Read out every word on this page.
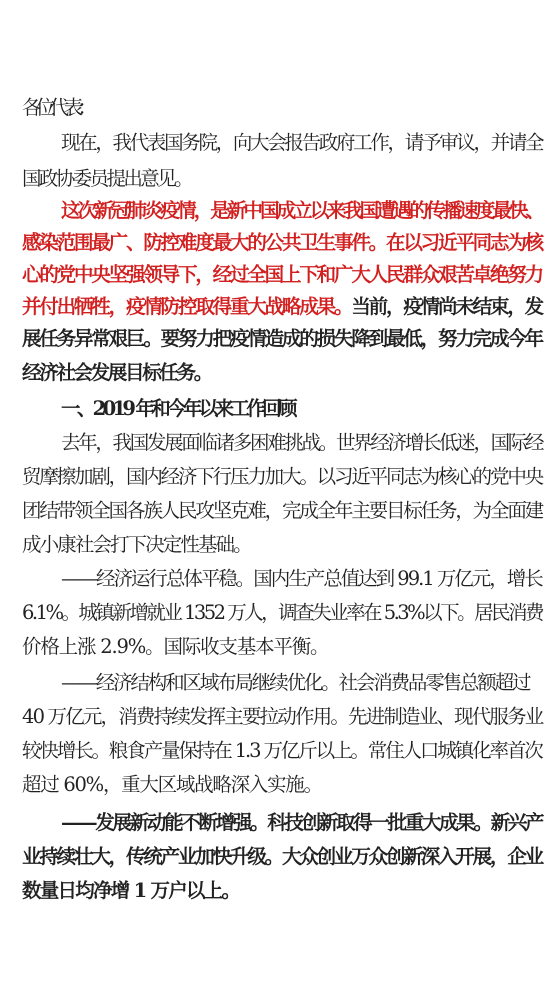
各位代表：
现在，我代表国务院，向大会报告政府工作，请予审议，并请全
国政协委员提出意见。
这次新冠肺炎疫情，是新中国成立以来我国遭遇的传播速度最快、
感染范围最广、防控难度最大的公共卫生事件。在以习近平同志为核
心的党中央坚强领导下，经过全国上下和广大人民群众艰苦卓绝努力
并付出牺牲，疫情防控取得重大战略成果。当前，疫情尚未结束，发
展任务异常艰巨。要努力把疫情造成的损失降到最低，努力完成今年
经济社会发展目标任务。
一、2019 年和今年以来工作回顾
去年，我国发展面临诸多困难挑战。世界经济增长低迷，国际经
贸摩擦加剧，国内经济下行压力加大。以习近平同志为核心的党中央
团结带领全国各族人民攻坚克难，完成全年主要目标任务，为全面建
成小康社会打下决定性基础。
——经济运行总体平稳。国内生产总值达到 99.1 万亿元，增长
6.1%。城镇新增就业 1352 万人，调查失业率在 5.3%以下。居民消费
价格上涨 2.9%。国际收支基本平衡。
——经济结构和区域布局继续优化。社会消费品零售总额超过
40 万亿元，消费持续发挥主要拉动作用。先进制造业、现代服务业
较快增长。粮食产量保持在 1.3 万亿斤以上。常住人口城镇化率首次
超过 60%，重大区域战略深入实施。
——发展新动能不断增强。科技创新取得一批重大成果。新兴产
业持续壮大，传统产业加快升级。大众创业万众创新深入开展，企业
数量日均净增 1 万户以上。
